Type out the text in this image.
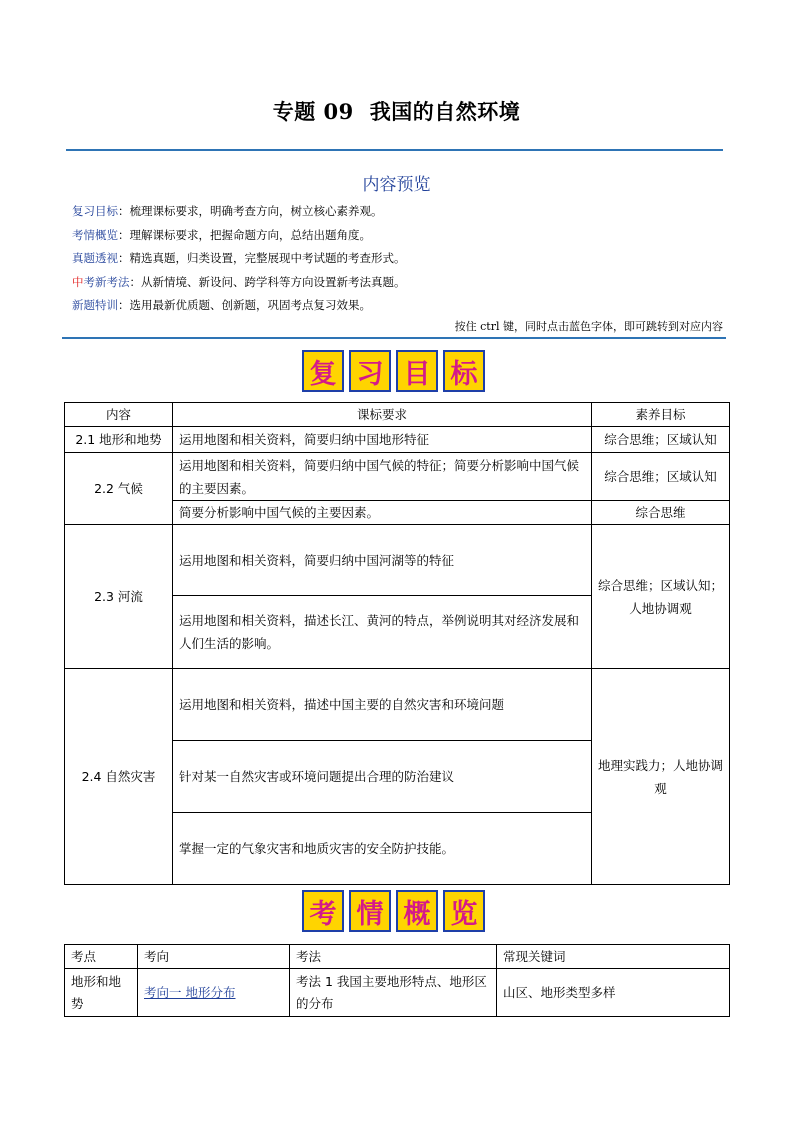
专题 09 我国的自然环境
内容预览
复习目标：梳理课标要求，明确考查方向，树立核心素养观。
考情概览：理解课标要求，把握命题方向，总结出题角度。
真题透视：精选真题，归类设置，完整展现中考试题的考查形式。
中考新考法：从新情境、新设问、跨学科等方向设置新考法真题。
新题特训：选用最新优质题、创新题，巩固考点复习效果。
按住 ctrl 键，同时点击蓝色字体，即可跳转到对应内容
复 习 目 标
内容	课标要求	素养目标
2.1 地形和地势	运用地图和相关资料，简要归纳中国地形特征	综合思维；区域认知
2.2 气候	运用地图和相关资料，简要归纳中国气候的特征；简要分析影响中国气候的主要因素。	综合思维；区域认知
	简要分析影响中国气候的主要因素。	综合思维
2.3 河流	运用地图和相关资料，简要归纳中国河湖等的特征	综合思维；区域认知；人地协调观
	运用地图和相关资料，描述长江、黄河的特点，举例说明其对经济发展和人们生活的影响。	
2.4 自然灾害	运用地图和相关资料，描述中国主要的自然灾害和环境问题	地理实践力；人地协调观
	针对某一自然灾害或环境问题提出合理的防治建议	
	掌握一定的气象灾害和地质灾害的安全防护技能。	
考 情 概 览
考点	考向	考法	常现关键词
地形和地势	考向一 地形分布	考法 1 我国主要地形特点、地形区的分布	山区、地形类型多样
